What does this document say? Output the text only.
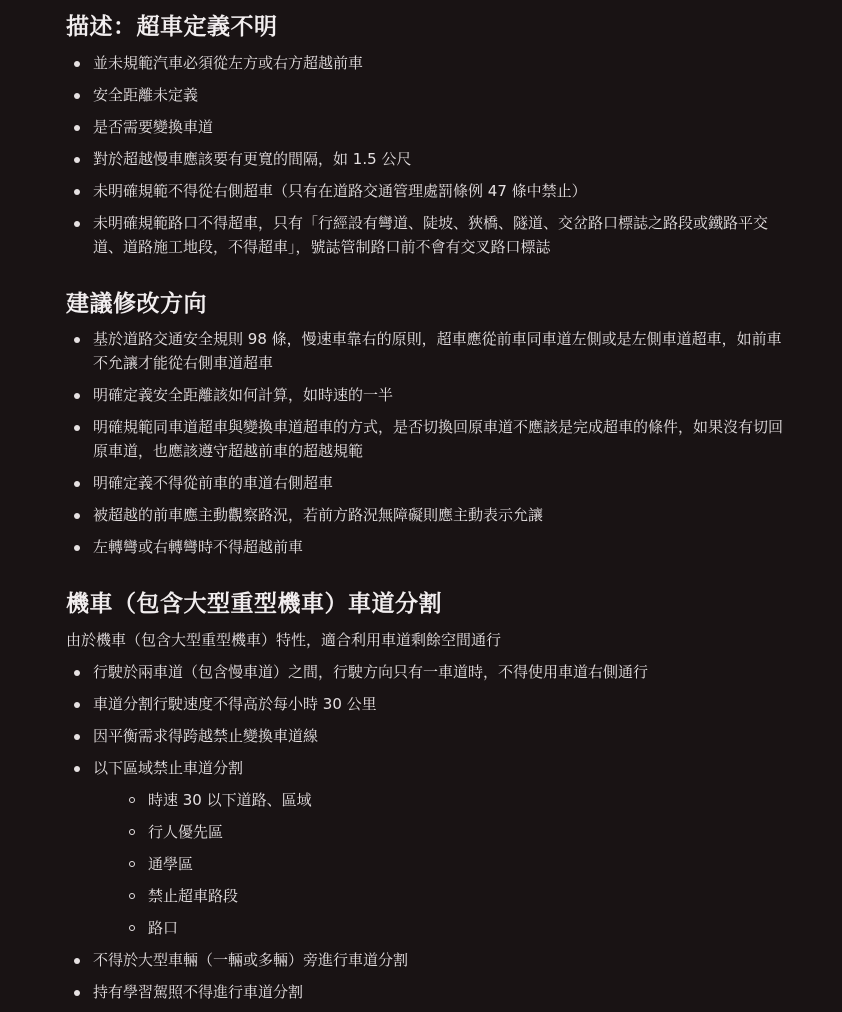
描述：超車定義不明
並未規範汽車必須從左方或右方超越前車
安全距離未定義
是否需要變換車道
對於超越慢車應該要有更寬的間隔，如 1.5 公尺
未明確規範不得從右側超車（只有在道路交通管理處罰條例 47 條中禁止）
未明確規範路口不得超車，只有「行經設有彎道、陡坡、狹橋、隧道、交岔路口標誌之路段或鐵路平交道、道路施工地段，不得超車」，號誌管制路口前不會有交叉路口標誌
建議修改方向
基於道路交通安全規則 98 條，慢速車靠右的原則，超車應從前車同車道左側或是左側車道超車，如前車不允讓才能從右側車道超車
明確定義安全距離該如何計算，如時速的一半
明確規範同車道超車與變換車道超車的方式，是否切換回原車道不應該是完成超車的條件，如果沒有切回原車道，也應該遵守超越前車的超越規範
明確定義不得從前車的車道右側超車
被超越的前車應主動觀察路況，若前方路況無障礙則應主動表示允讓
左轉彎或右轉彎時不得超越前車
機車（包含大型重型機車）車道分割

由於機車（包含大型重型機車）特性，適合利用車道剩餘空間通行

行駛於兩車道（包含慢車道）之間，行駛方向只有一車道時，不得使用車道右側通行
車道分割行駛速度不得高於每小時 30 公里
因平衡需求得跨越禁止變換車道線
以下區域禁止車道分割
時速 30 以下道路、區域
行人優先區
通學區
禁止超車路段
路口
不得於大型車輛（一輛或多輛）旁進行車道分割
持有學習駕照不得進行車道分割
